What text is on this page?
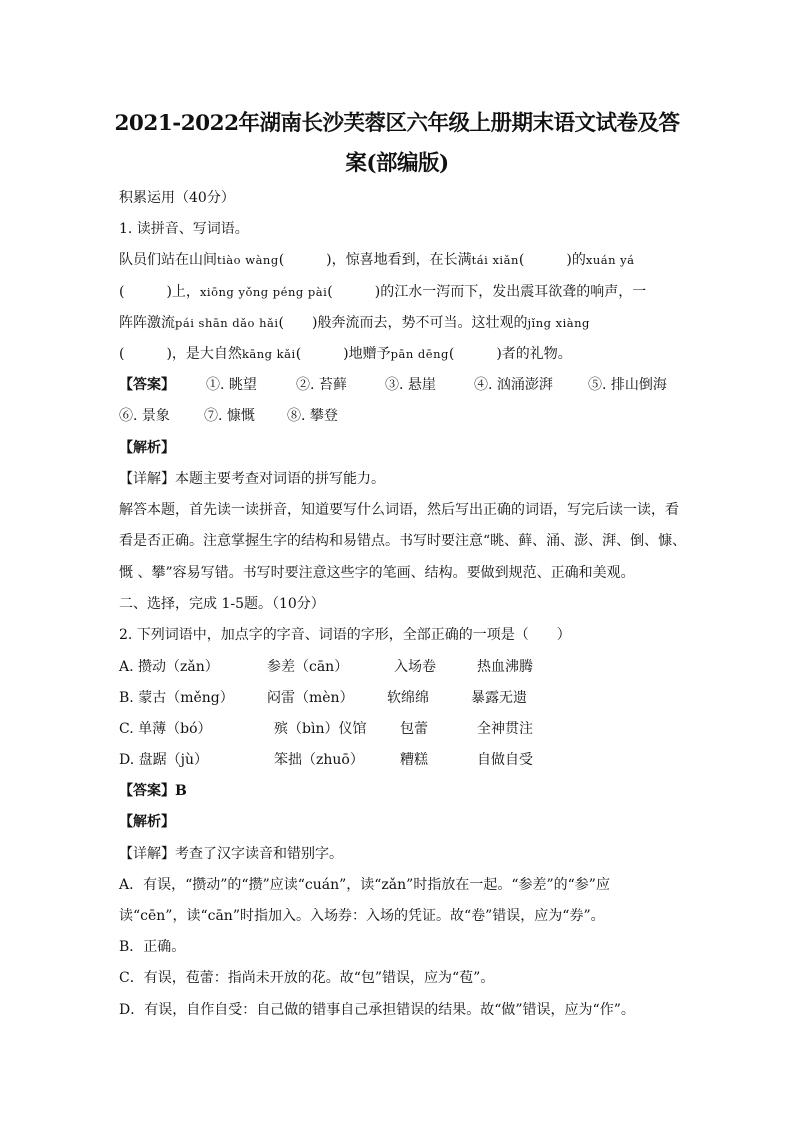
2021-2022年湖南长沙芙蓉区六年级上册期末语文试卷及答
案(部编版)
积累运用（40分）
1. 读拼音、写词语。
队员们站在山间tiào wàng(　　　)，惊喜地看到，在长满tái xiǎn(　　　)的xuán yá
(　　　)上，xiōng yǒng péng pài(　　　)的江水一泻而下，发出震耳欲聋的响声，一
阵阵激流pái shān dǎo hǎi(　　)般奔流而去，势不可当。这壮观的jǐng xiàng
(　　　)，是大自然kāng kǎi(　　　)地赠予pān dēng(　　　)者的礼物。
【答案】 ①. 眺望	②. 苔藓	③. 悬崖	④. 汹涌澎湃	⑤. 排山倒海
⑥. 景象 ⑦. 慷慨 ⑧. 攀登
【解析】
【详解】本题主要考查对词语的拼写能力。
解答本题，首先读一读拼音，知道要写什么词语，然后写出正确的词语，写完后读一读，看
看是否正确。注意掌握生字的结构和易错点。书写时要注意“眺、藓、涌、澎、湃、倒、慷、
慨 、攀”容易写错。书写时要注意这些字的笔画、结构。要做到规范、正确和美观。
二、选择，完成 1-5题。（10分）
2. 下列词语中，加点字的字音、词语的字形，全部正确的一项是（　　）
A. 攒动（zǎn）	参差（cān）	入场卷	热血沸腾
B. 蒙古（měng） 闷雷（mèn） 软绵绵	暴露无遗
C. 单薄（bó）	殡（bìn）仪馆 包蕾	全神贯注
D. 盘踞（jù）	笨拙（zhuō）	糟糕	自做自受
【答案】B
【解析】
【详解】考查了汉字读音和错别字。
A．有误，“攒动”的“攒”应读“cuán”，读“zǎn”时指放在一起。“参差”的“参”应
读“cēn”，读“cān”时指加入。入场券：入场的凭证。故“卷”错误，应为“券”。
B．正确。
C．有误，苞蕾：指尚未开放的花。故“包”错误，应为“苞”。
D．有误，自作自受：自己做的错事自己承担错误的结果。故“做”错误，应为“作”。
